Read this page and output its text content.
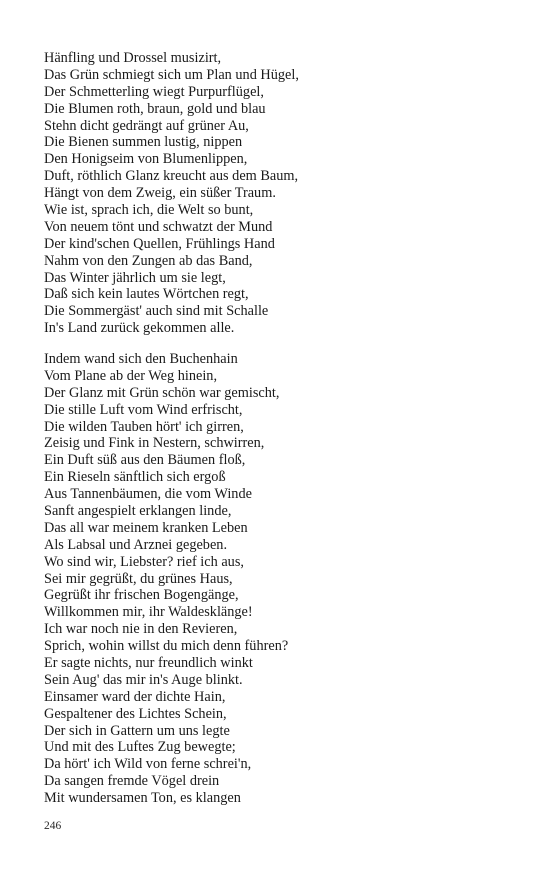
Hänfling und Drossel musizirt,
Das Grün schmiegt sich um Plan und Hügel,
Der Schmetterling wiegt Purpurflügel,
Die Blumen roth, braun, gold und blau
Stehn dicht gedrängt auf grüner Au,
Die Bienen summen lustig, nippen
Den Honigseim von Blumenlippen,
Duft, röthlich Glanz kreucht aus dem Baum,
Hängt von dem Zweig, ein süßer Traum.
Wie ist, sprach ich, die Welt so bunt,
Von neuem tönt und schwatzt der Mund
Der kind'schen Quellen, Frühlings Hand
Nahm von den Zungen ab das Band,
Das Winter jährlich um sie legt,
Daß sich kein lautes Wörtchen regt,
Die Sommergäst' auch sind mit Schalle
In's Land zurück gekommen alle.
Indem wand sich den Buchenhain
Vom Plane ab der Weg hinein,
Der Glanz mit Grün schön war gemischt,
Die stille Luft vom Wind erfrischt,
Die wilden Tauben hört' ich girren,
Zeisig und Fink in Nestern, schwirren,
Ein Duft süß aus den Bäumen floß,
Ein Rieseln sänftlich sich ergoß
Aus Tannenbäumen, die vom Winde
Sanft angespielt erklangen linde,
Das all war meinem kranken Leben
Als Labsal und Arznei gegeben.
Wo sind wir, Liebster? rief ich aus,
Sei mir gegrüßt, du grünes Haus,
Gegrüßt ihr frischen Bogengänge,
Willkommen mir, ihr Waldesklänge!
Ich war noch nie in den Revieren,
Sprich, wohin willst du mich denn führen?
Er sagte nichts, nur freundlich winkt
Sein Aug' das mir in's Auge blinkt.
Einsamer ward der dichte Hain,
Gespaltener des Lichtes Schein,
Der sich in Gattern um uns legte
Und mit des Luftes Zug bewegte;
Da hört' ich Wild von ferne schrei'n,
Da sangen fremde Vögel drein
Mit wundersamen Ton, es klangen
246
